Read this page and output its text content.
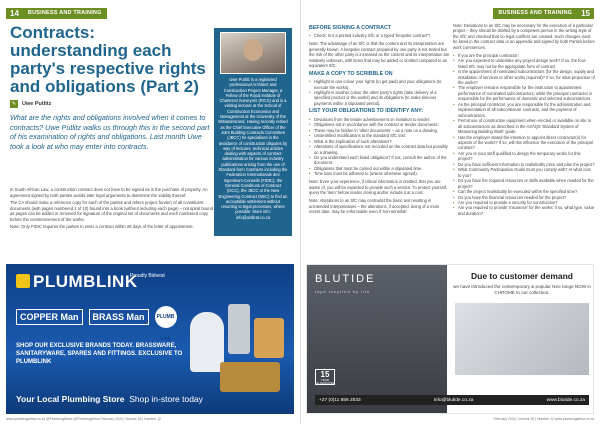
14	BUSINESS AND TRAINING
Contracts: understanding each party's respective rights and obligations (Part 2)
✎	Uwe Putlitz
What are the rights and obligations involved when it comes to contracts? Uwe Putlitz walks us through this in the second part of his examination of rights and obligations. Last month Uwe took a look at who may enter into contracts.
In South African Law, a construction contract does not have to be signed as in the purchase of property. An agreement signed by both parties avoids later legal arguments to determine the validity thereof.
The CA should make a reference copy for each of the parties and others project funder) of all constituent documents (with pages numbered 1 of 10) bound into a book (without including each page) – not spiral bound as pages can be added or removed for signature of the original set of documents and each numbered copy before the commencement of the works.
Note: Only FIDIC requires the parties to enter a contract within 28 days of the letter of appointment.
Uwe Putlitz is a registered professional Architect and Construction Project Manager, a Fellow of the Royal Institute of Chartered Surveyors (RICS) and is a visiting lecturer at the School of Construction Economics and Management at the University of the Witwatersrand. Having recently retired as the Chief Executive Officer of the Joint Building Contracts Committee (JBCC) he specialises in the avoidance of construction disputes by way of lectures, technical articles dealing with aspects of contract administration for various industry publications arising from the use of Standard-form Contracts including the Federation Internationale des Ingenieurs-Conseils (FIDIC), the General Conditions of Contract (GCC), the JBCC or the New Engineering Contract (NEC) to find an acceptable settlement without resorting to legal processes, where possible. More info: info@uisbrat.co.za
www.plumbingafrica.co.za @PlumbingAfrica @PlumbingAfrica February 2024 | Volume 28 | Number 12
PLUMBLINK
Proudly Bidvest
COPPER Man	BRASS Man	PLUMB Link
SHOP OUR EXCLUSIVE BRANDS TODAY. BRASSWARE, SANITARYWARE, SPARES AND FITTINGS. EXCLUSIVE TO PLUMBLINK
Your Local Plumbing Store Shop in-store today
BUSINESS AND TRAINING	15
BEFORE SIGNING A CONTRACT
• Check: Is it a printed industry SfC or a typed 'bespoke contract'?

Note: The advantage of an SfC is that the content and its interpretation are generally known. A bespoke contract prepared by one party is not tested but the risk of the other party is increased as the content and its interpretation are relatively unknown, with items that may be added or omitted compared to an equivalent SfC.

MAKE A COPY TO SCRIBBLE ON
• Highlight in one colour your rights (to get paid) and your obligations (to execute the works).
• Highlight in another colour the other party's rights (take delivery of a specified product or the works) and its obligations (to make timeous payments within a stipulated period).
LIST YOUR OBLIGATIONS TO IDENTIFY ANY:
• Deviations from the tender advertisement on invitation to tender.
• Obligations not in accordance with the contract or tender documents:
• These may be hidden in 'other documents' – as a note on a drawing.
• Unidentified modifications to the standard SfC text:
• What is the implication of such alterations?
• Alterations of specifications not recorded on the contract data but possibly on a drawing.
• Do you understand each listed obligation? If not, consult the author of the document.
• Obligations that must be carried out within a stipulated time.
• Time bars must be adhered to (unless otherwise agreed).

Note: Even your experience, if critical information is omitted, that you are aware of, you will be expected to provide such a service. To protect yourself, query the 'item' before tender closing and/or include it at a cost.

Note: Alterations to an SfC may contradict the basic text resulting in unintended interpretations – the alterations, if accepted, being of a more recent date, may be enforceable even if 'non-sensible'.

Note: Deviations to an SfC may be necessary for the execution of a particular project – they should be drafted by a competent person in the writing style of the SfC and checked that no legal conflicts are created. Such changes must be listed in the contract data or an appendix and signed by both Parties before work commences.

• If you are the principal contractor:
• Are you expected to undertake any project design work? If so, the four-listed SfC may not be the appropriate form of contract.
• Is the appointment of nominated subcontractors (for the design, supply and installation of services or other works required)? If so, for what proportion of the works?
• The employer remains responsible for the instruction to appointment performance of nominated subcontractors, while the principal contractor is responsible for the performance of domestic and selected subcontractors.
• As the principal contractor, you are responsible for the administration and implementation of all subcontractor contracts, and the payment of subcontractors.
• Permit use of construction equipment when erected or available on site to all subcontractors as described in the ASAQS 'Standard System of Measuring Building Work' guide.
• Has the employer stated the intention to appoint direct contractor(s) for aspects of the works? If so, will this influence the execution of the principal contract?
• Are you or your staff qualified to design the temporary works for this project?
• Do you have sufficient information to realistically price and plan the project?
• What Community Participation Goals must you comply with? At what cost to you?
• Do you have the required resources or skills available when needed for the project?
• Can the project realistically be executed within the specified time?
• Do you have the financial resources needed for the project?
• Are you required to provide a security for construction?
• Are you required to provide 'insurance' for the works; if so, what type, value and duration?
February 2024 | Volume 28 | Number 12 www.plumbingafrica.co.za
BLUTIDE
taps inspired by life
15
YEAR GUARANTEE
Due to customer demand
we have introduced the contemporary & popular Neo range NOW in CHROME to our collection.
+27 (0)11 656 2533	info@blutide.co.za	www.blutide.co.za
